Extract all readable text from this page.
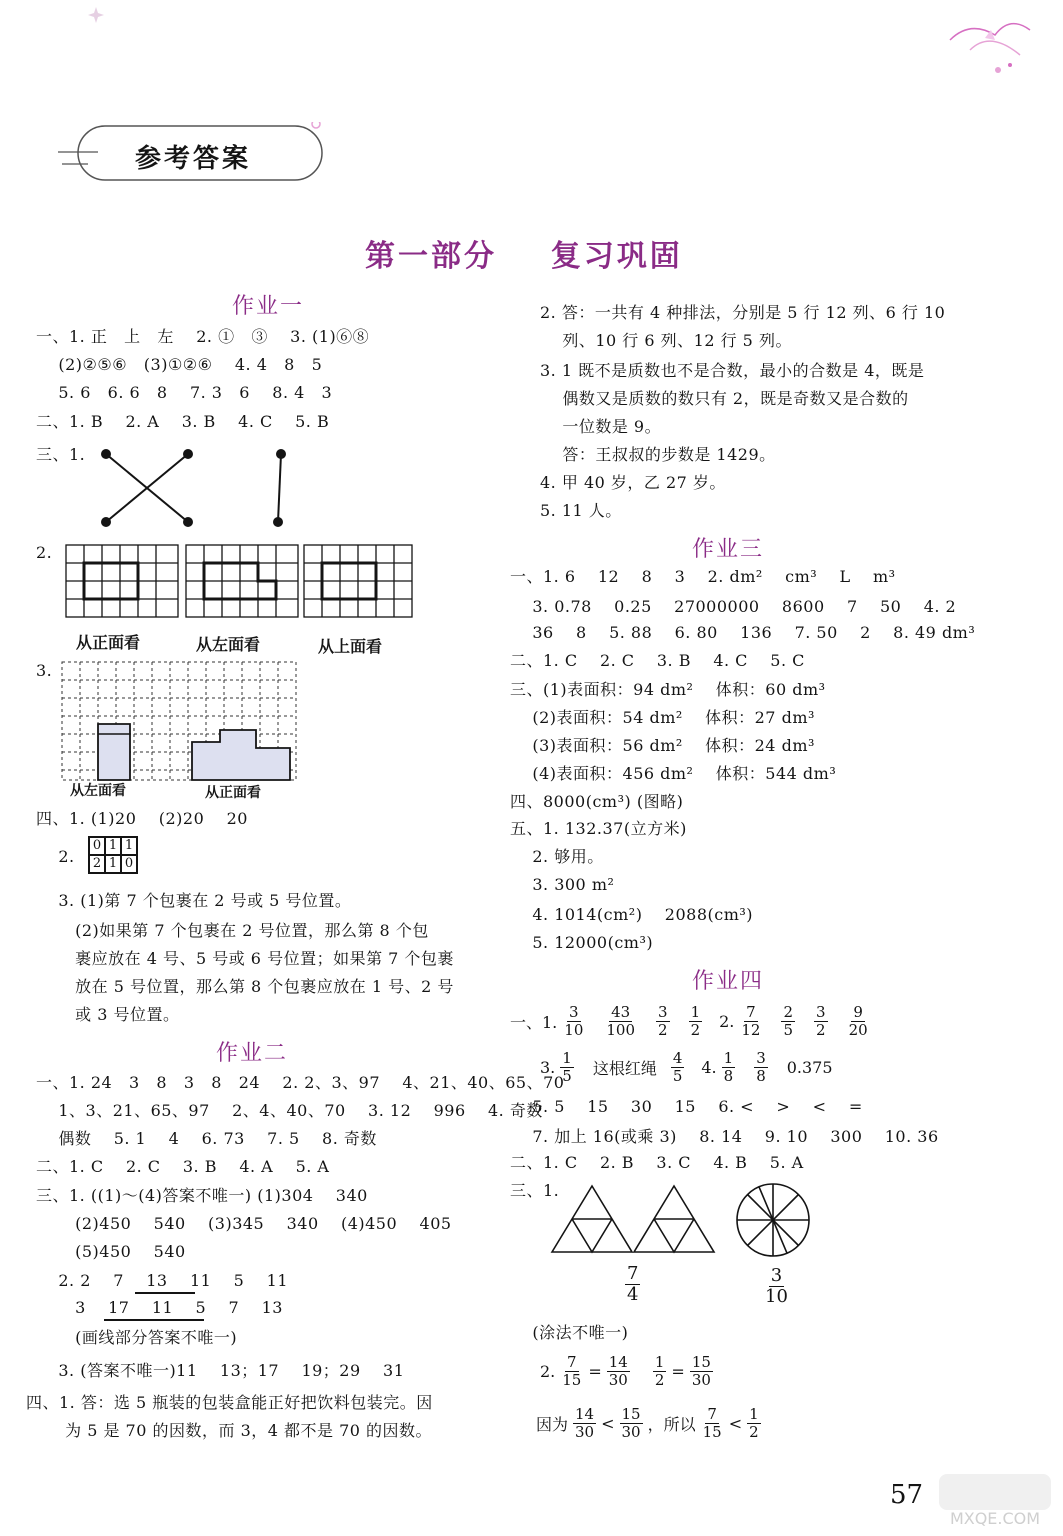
参考答案
第一部分    复习巩固
作业一
一、1. 正   上   左    2. ①   ③    3. (1)⑥⑧
(2)②⑤⑥   (3)①②⑥    4. 4   8   5
5. 6   6. 6   8    7. 3   6    8. 4   3
二、1. B    2. A    3. B    4. C    5. B
三、1.
2.
从正面看	从左面看	从上面看
3.
从左面看	从正面看
四、1. (1)20    (2)20    20
2.
0 1 1
2 1 0
3. (1)第 7 个包裹在 2 号或 5 号位置。
(2)如果第 7 个包裹在 2 号位置，那么第 8 个包
裹应放在 4 号、5 号或 6 号位置；如果第 7 个包裹
放在 5 号位置，那么第 8 个包裹应放在 1 号、2 号
或 3 号位置。
作业二
一、1. 24   3   8   3   8   24    2. 2、3、97    4、21、40、65、70
1、3、21、65、97    2、4、40、70    3. 12    996    4. 奇数
偶数    5. 1    4    6. 73    7. 5    8. 奇数
二、1. C    2. C    3. B    4. A    5. A
三、1. ((1)～(4)答案不唯一) (1)304    340
(2)450    540    (3)345    340    (4)450    405
(5)450    540
2. 2    7    13    11    5    11
3    17    11    5    7    13
(画线部分答案不唯一)
3. (答案不唯一)11    13；17    19；29    31
四、1. 答：选 5 瓶装的包装盒能正好把饮料包装完。因
为 5 是 70 的因数，而 3，4 都不是 70 的因数。
2. 答：一共有 4 种排法，分别是 5 行 12 列、6 行 10
列、10 行 6 列、12 行 5 列。
3. 1 既不是质数也不是合数，最小的合数是 4，既是
偶数又是质数的数只有 2，既是奇数又是合数的
一位数是 9。
答：王叔叔的步数是 1429。
4. 甲 40 岁，乙 27 岁。
5. 11 人。
作业三
一、1. 6    12    8    3    2. dm²    cm³    L    m³
3. 0.78    0.25    27000000    8600    7    50    4. 2
36    8    5. 88    6. 80    136    7. 50    2    8. 49 dm³
二、1. C    2. C    3. B    4. C    5. C
三、(1)表面积：94 dm²    体积：60 dm³
(2)表面积：54 dm²    体积：27 dm³
(3)表面积：56 dm²    体积：24 dm³
(4)表面积：456 dm²    体积：544 dm³
四、8000(cm³) (图略)
五、1. 132.37(立方米)
2. 够用。
3. 300 m²
4. 1014(cm²)    2088(cm³)
5. 12000(cm³)
作业四
一、1. $\frac{3}{10} \frac{43}{100} \frac{3}{2} \frac{1}{2} 2$. $\frac{7}{12} \frac{2}{5} \frac{3}{2} \frac{9}{20}$
3. $\frac{1}{5}$ 这根红绳 $\frac{4}{5} 4$. $\frac{1}{8} \frac{3}{8} 0.375$
5. 5    15    30    15    6. <    >    <    =
7. 加上 16(或乘 3)    8. 14    9. 10    300    10. 36
二、1. C    2. B    3. C    4. B    5. A
三、1.
$\frac{7}{4}$	$\frac{3}{10}$
(涂法不唯一)
2. $\frac{7}{15} = \frac{14}{30} \frac{1}{2} = \frac{15}{30}$
因为 $\frac{14}{30} < \frac{15}{30}$ ，所以 $\frac{7}{15} < \frac{1}{2}$
57
MXQE.COM
